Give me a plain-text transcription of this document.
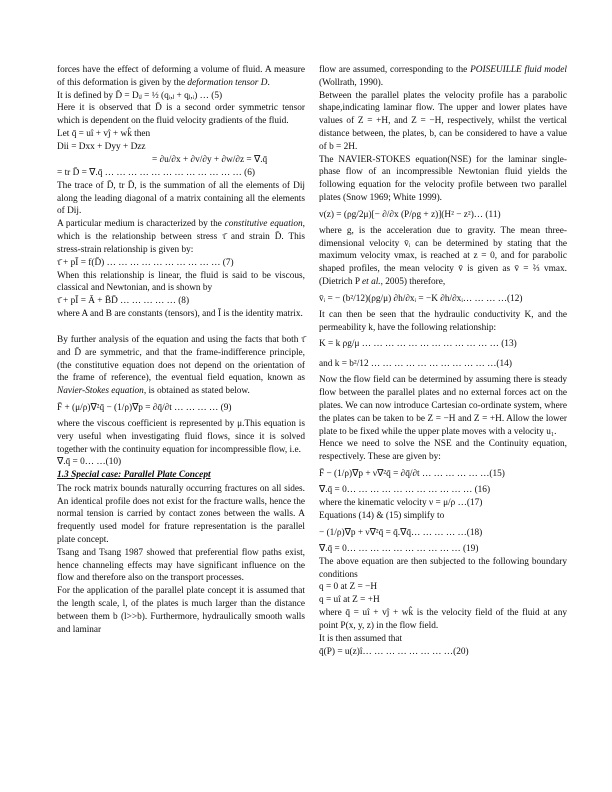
forces have the effect of deforming a volume of fluid. A measure of this deformation is given by the deformation tensor D.

It is defined by D̄ = Dᵢⱼ = ½ (qᵢ,ⱼ + qⱼ,ᵢ) … (5)

Here it is observed that D̄ is a second order symmetric tensor which is dependent on the fluid velocity gradients of the fluid.

Let q̄ = uî + vĵ + wk̂ then
Dii = Dxx + Dyy + Dzz
= ∂u/∂x + ∂v/∂y + ∂w/∂z = ∇.q̄
= tr D̄ = ∇.q̄ … … … … … … … … … … … … (6)

The trace of D̄, tr D̄, is the summation of all the elements of Dij along the leading diagonal of a matrix containing all the elements of Dij.

A particular medium is characterized by the constitutive equation, which is the relationship between stress τ̄ and strain D̄. This stress-strain relationship is given by:

τ̄ + pĪ = f(D̄) … … … … … … … … … … (7)

When this relationship is linear, the fluid is said to be viscous, classical and Newtonian, and is shown by

τ̄ + pĪ = Ā + B̄D̄ … … … … … (8)

where A and B are constants (tensors), and Ī is the identity matrix.

By further analysis of the equation and using the facts that both τ̄ and D̄ are symmetric, and that the frame-indifference principle, (the constitutive equation does not depend on the orientation of the frame of reference), the eventual field equation, known as Navier-Stokes equation, is obtained as stated below.

F̄ + (μ/ρ)∇²q̄ − (1/ρ)∇p = ∂q̄/∂t … … … … (9)

where the viscous coefficient is represented by μ.This equation is very useful when investigating fluid flows, since it is solved together with the continuity equation for incompressible flow, i.e.

∇.q̄ = 0… …(10)
1.3 Special case: Parallel Plate Concept

The rock matrix bounds naturally occurring fractures on all sides. An identical profile does not exist for the fracture walls, hence the normal tension is carried by contact zones between the walls. A frequently used model for frature representation is the parallel plate concept.

Tsang and Tsang 1987 showed that preferential flow paths exist, hence channeling effects may have significant influence on the flow and therefore also on the transport processes.

For the application of the parallel plate concept it is assumed that the length scale, l, of the plates is much larger than the distance between them b (l>>b). Furthermore, hydraulically smooth walls and laminar

flow are assumed, corresponding to the POISEUILLE fluid model (Wollrath, 1990).

Between the parallel plates the velocity profile has a parabolic shape,indicating laminar flow. The upper and lower plates have values of Z = +H, and Z = −H, respectively, whilst the vertical distance between, the plates, b, can be considered to have a value of b = 2H.

The NAVIER-STOKES equation(NSE) for the laminar single-phase flow of an incompressible Newtonian fluid yields the following equation for the velocity profile between two parallel plates (Snow 1969; White 1999).

v(z) = (ρg/2μ)[− ∂/∂x (P/ρg + z)](H² − z²)… (11)

where g, is the acceleration due to gravity. The mean three-dimensional velocity v̄ᵢ can be determined by stating that the maximum velocity vmax, is reached at z = 0, and for parabolic shaped profiles, the mean velocity v̄ is given as v̄ = ⅔ vmax. (Dietrich P et al., 2005) therefore,

v̄ᵢ = − (b²/12)(ρg/μ) ∂h/∂xᵢ = −K ∂h/∂xᵢ… … … …(12)

It can then be seen that the hydraulic conductivity K, and the permeability k, have the following relationship:

K = k ρg/μ … … … … … … … … … … … … (13)
and k = b²/12 … … … … … … … … … … …(14)

Now the flow field can be determined by assuming there is steady flow between the parallel plates and no external forces act on the plates. We can now introduce Cartesian co-ordinate system, where the plates can be taken to be Z = −H and Z = +H. Allow the lower plate to be fixed while the upper plate moves with a velocity u₁.

Hence we need to solve the NSE and the Continuity equation, respectively. These are given by:

F̄ − (1/ρ)∇p + ν∇²q̄ = ∂q̄/∂t … … … … … …(15)
∇.q̄ = 0… … … … … … … … … … … (16)
where the kinematic velocity ν = μ/ρ …(17)
Equations (14) & (15) simplify to
− (1/ρ)∇p + ν∇²q̄ = q̄.∇q̄… … … … …(18)
∇.q̄ = 0… … … … … … … … … … (19)

The above equation are then subjected to the following boundary conditions

q = 0 at Z = −H
q = uî at Z = +H

where q̄ = uî + vĵ + wk̂ is the velocity field of the fluid at any point P(x, y, z) in the flow field.

It is then assumed that
q̄(P) = u(z)î… … … … … … … …(20)
